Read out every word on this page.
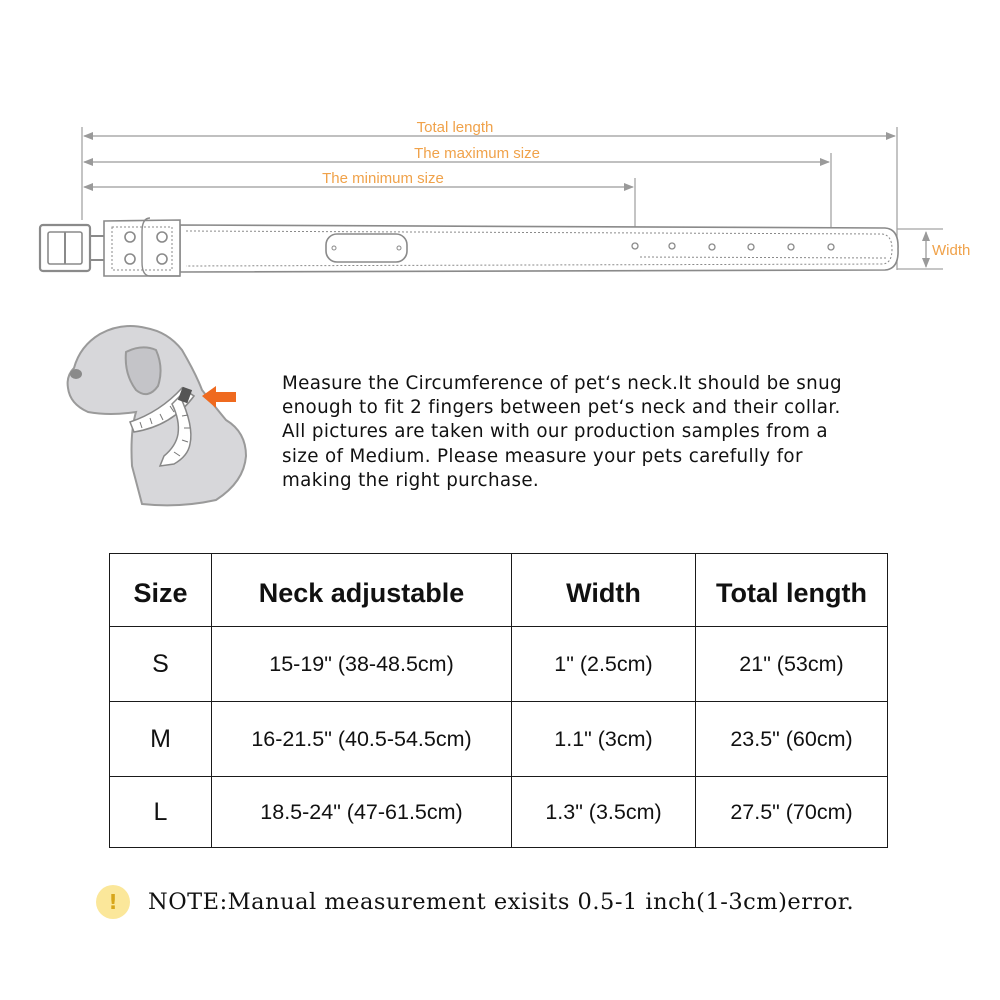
Total length
The maximum size
The minimum size
Width

Measure the Circumference of pet‘s neck.It should be snug
enough to fit 2 fingers between pet‘s neck and their collar.
All pictures are taken with our production samples from a
size of Medium. Please measure your pets carefully for
making the right purchase.

Size	Neck adjustable	Width	Total length
S	15-19" (38-48.5cm)	1" (2.5cm)	21" (53cm)
M	16-21.5" (40.5-54.5cm)	1.1" (3cm)	23.5" (60cm)
L	18.5-24" (47-61.5cm)	1.3" (3.5cm)	27.5" (70cm)
!	NOTE:Manual measurement exisits 0.5-1 inch(1-3cm)error.
